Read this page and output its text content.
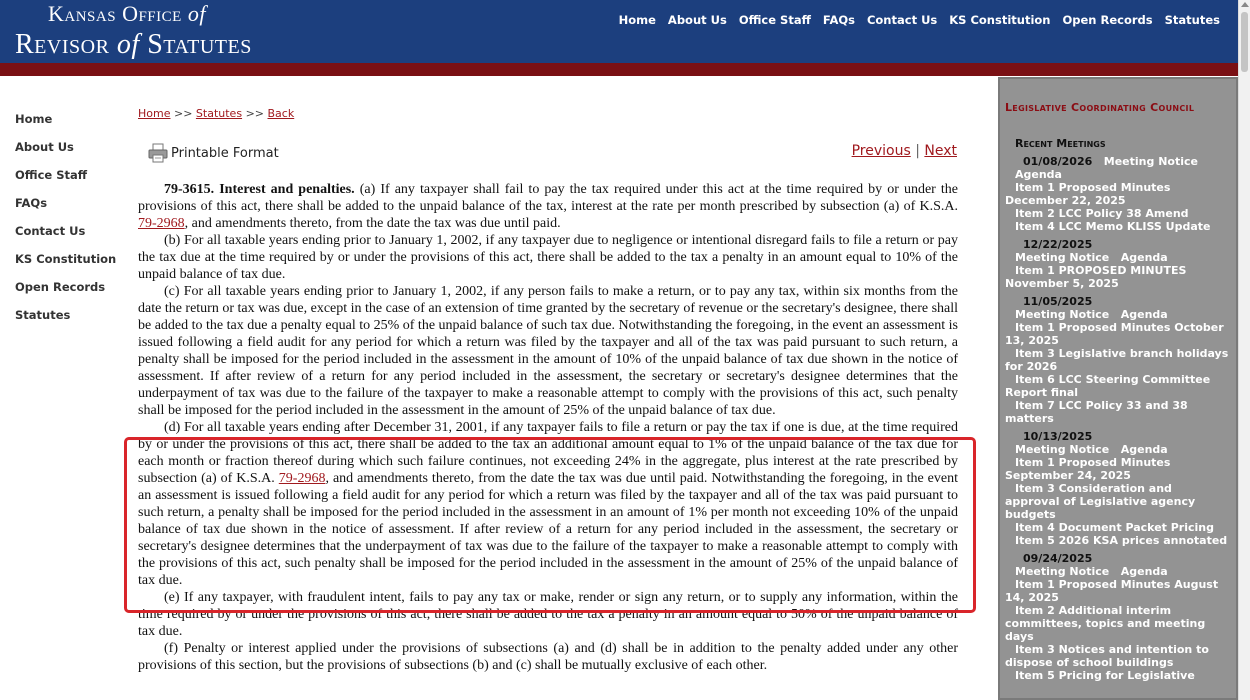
Kansas Office of
Revisor of Statutes
Home About Us Office Staff FAQs Contact Us KS Constitution Open Records Statutes
Home
About Us
Office Staff
FAQs
Contact Us
KS Constitution
Open Records
Statutes
Home >> Statutes >> Back
Printable Format	Previous | Next

79-3615. Interest and penalties. (a) If any taxpayer shall fail to pay the tax required under this act at the time required by or under the provisions of this act, there shall be added to the unpaid balance of the tax, interest at the rate per month prescribed by subsection (a) of K.S.A. 79-2968, and amendments thereto, from the date the tax was due until paid.

(b) For all taxable years ending prior to January 1, 2002, if any taxpayer due to negligence or intentional disregard fails to file a return or pay the tax due at the time required by or under the provisions of this act, there shall be added to the tax a penalty in an amount equal to 10% of the unpaid balance of tax due.

(c) For all taxable years ending prior to January 1, 2002, if any person fails to make a return, or to pay any tax, within six months from the date the return or tax was due, except in the case of an extension of time granted by the secretary of revenue or the secretary's designee, there shall be added to the tax due a penalty equal to 25% of the unpaid balance of such tax due. Notwithstanding the foregoing, in the event an assessment is issued following a field audit for any period for which a return was filed by the taxpayer and all of the tax was paid pursuant to such return, a penalty shall be imposed for the period included in the assessment in the amount of 10% of the unpaid balance of tax due shown in the notice of assessment. If after review of a return for any period included in the assessment, the secretary or secretary's designee determines that the underpayment of tax was due to the failure of the taxpayer to make a reasonable attempt to comply with the provisions of this act, such penalty shall be imposed for the period included in the assessment in the amount of 25% of the unpaid balance of tax due.

(d) For all taxable years ending after December 31, 2001, if any taxpayer fails to file a return or pay the tax if one is due, at the time required by or under the provisions of this act, there shall be added to the tax an additional amount equal to 1% of the unpaid balance of the tax due for each month or fraction thereof during which such failure continues, not exceeding 24% in the aggregate, plus interest at the rate prescribed by subsection (a) of K.S.A. 79-2968, and amendments thereto, from the date the tax was due until paid. Notwithstanding the foregoing, in the event an assessment is issued following a field audit for any period for which a return was filed by the taxpayer and all of the tax was paid pursuant to such return, a penalty shall be imposed for the period included in the assessment in an amount of 1% per month not exceeding 10% of the unpaid balance of tax due shown in the notice of assessment. If after review of a return for any period included in the assessment, the secretary or secretary's designee determines that the underpayment of tax was due to the failure of the taxpayer to make a reasonable attempt to comply with the provisions of this act, such penalty shall be imposed for the period included in the assessment in the amount of 25% of the unpaid balance of tax due.

(e) If any taxpayer, with fraudulent intent, fails to pay any tax or make, render or sign any return, or to supply any information, within the time required by or under the provisions of this act, there shall be added to the tax a penalty in an amount equal to 50% of the unpaid balance of tax due.

(f) Penalty or interest applied under the provisions of subsections (a) and (d) shall be in addition to the penalty added under any other provisions of this section, but the provisions of subsections (b) and (c) shall be mutually exclusive of each other.

Legislative Coordinating Council
Recent Meetings
01/08/2026 Meeting Notice
Agenda
Item 1 Proposed Minutes December 22, 2025
Item 2 LCC Policy 38 Amend
Item 4 LCC Memo KLISS Update
12/22/2025
Meeting Notice Agenda
Item 1 PROPOSED MINUTES November 5, 2025
11/05/2025
Meeting Notice Agenda
Item 1 Proposed Minutes October 13, 2025
Item 3 Legislative branch holidays for 2026
Item 6 LCC Steering Committee Report final
Item 7 LCC Policy 33 and 38 matters
10/13/2025
Meeting Notice Agenda
Item 1 Proposed Minutes September 24, 2025
Item 3 Consideration and approval of Legislative agency budgets
Item 4 Document Packet Pricing
Item 5 2026 KSA prices annotated
09/24/2025
Meeting Notice Agenda
Item 1 Proposed Minutes August 14, 2025
Item 2 Additional interim committees, topics and meeting days
Item 3 Notices and intention to dispose of school buildings
Item 5 Pricing for Legislative
